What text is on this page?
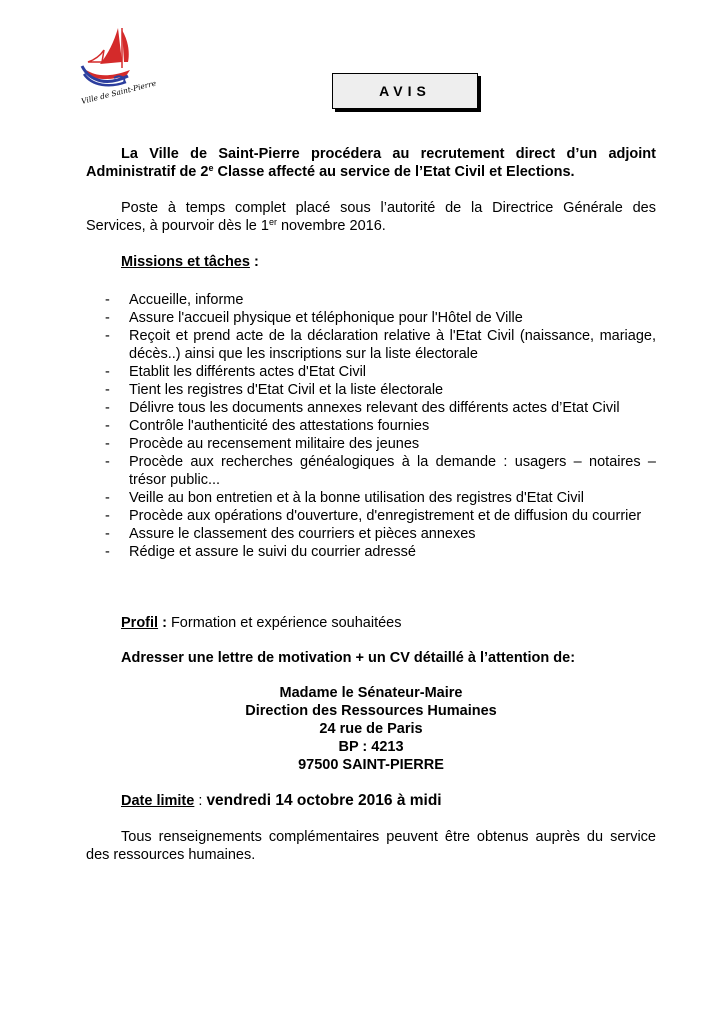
Ville de Saint-Pierre	AVIS

La Ville de Saint-Pierre procédera au recrutement direct d’un adjoint Administratif de 2e Classe affecté au service de l’Etat Civil et Elections.

Poste à temps complet placé sous l’autorité de la Directrice Générale des Services, à pourvoir dès le 1er novembre 2016.

Missions et tâches :

- Accueille, informe
- Assure l'accueil physique et téléphonique pour l'Hôtel de Ville
- Reçoit et prend acte de la déclaration relative à l'Etat Civil (naissance, mariage, décès..) ainsi que les inscriptions sur la liste électorale
- Etablit les différents actes d'Etat Civil
- Tient les registres d'Etat Civil et la liste électorale
- Délivre tous les documents annexes relevant des différents actes d’Etat Civil
- Contrôle l'authenticité des attestations fournies
- Procède au recensement militaire des jeunes
- Procède aux recherches généalogiques à la demande : usagers – notaires – trésor public...
- Veille au bon entretien et à la bonne utilisation des registres d'Etat Civil
- Procède aux opérations d'ouverture, d'enregistrement et de diffusion du courrier
- Assure le classement des courriers et pièces annexes
- Rédige et assure le suivi du courrier adressé

Profil : Formation et expérience souhaitées

Adresser une lettre de motivation + un CV détaillé à l’attention de:

Madame le Sénateur-Maire

Direction des Ressources Humaines

24 rue de Paris

BP : 4213

97500 SAINT-PIERRE

Date limite : vendredi 14 octobre 2016 à midi

Tous renseignements complémentaires peuvent être obtenus auprès du service des ressources humaines.
